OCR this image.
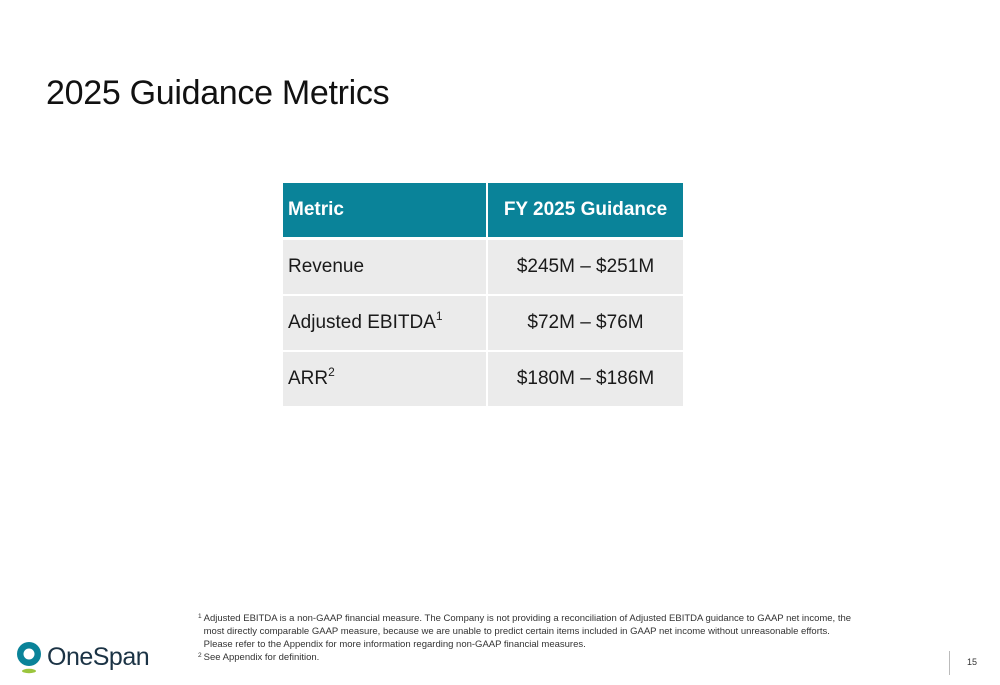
2025 Guidance Metrics
Metric	FY 2025 Guidance
Revenue	$245M – $251M
Adjusted EBITDA$^1$	$72M – $76M
ARR$^2$	$180M – $186M
1 Adjusted EBITDA is a non-GAAP financial measure. The Company is not providing a reconciliation of Adjusted EBITDA guidance to GAAP net income, the most directly comparable GAAP measure, because we are unable to predict certain items included in GAAP net income without unreasonable efforts. Please refer to the Appendix for more information regarding non-GAAP financial measures.
2 See Appendix for definition.
OneSpan	15
